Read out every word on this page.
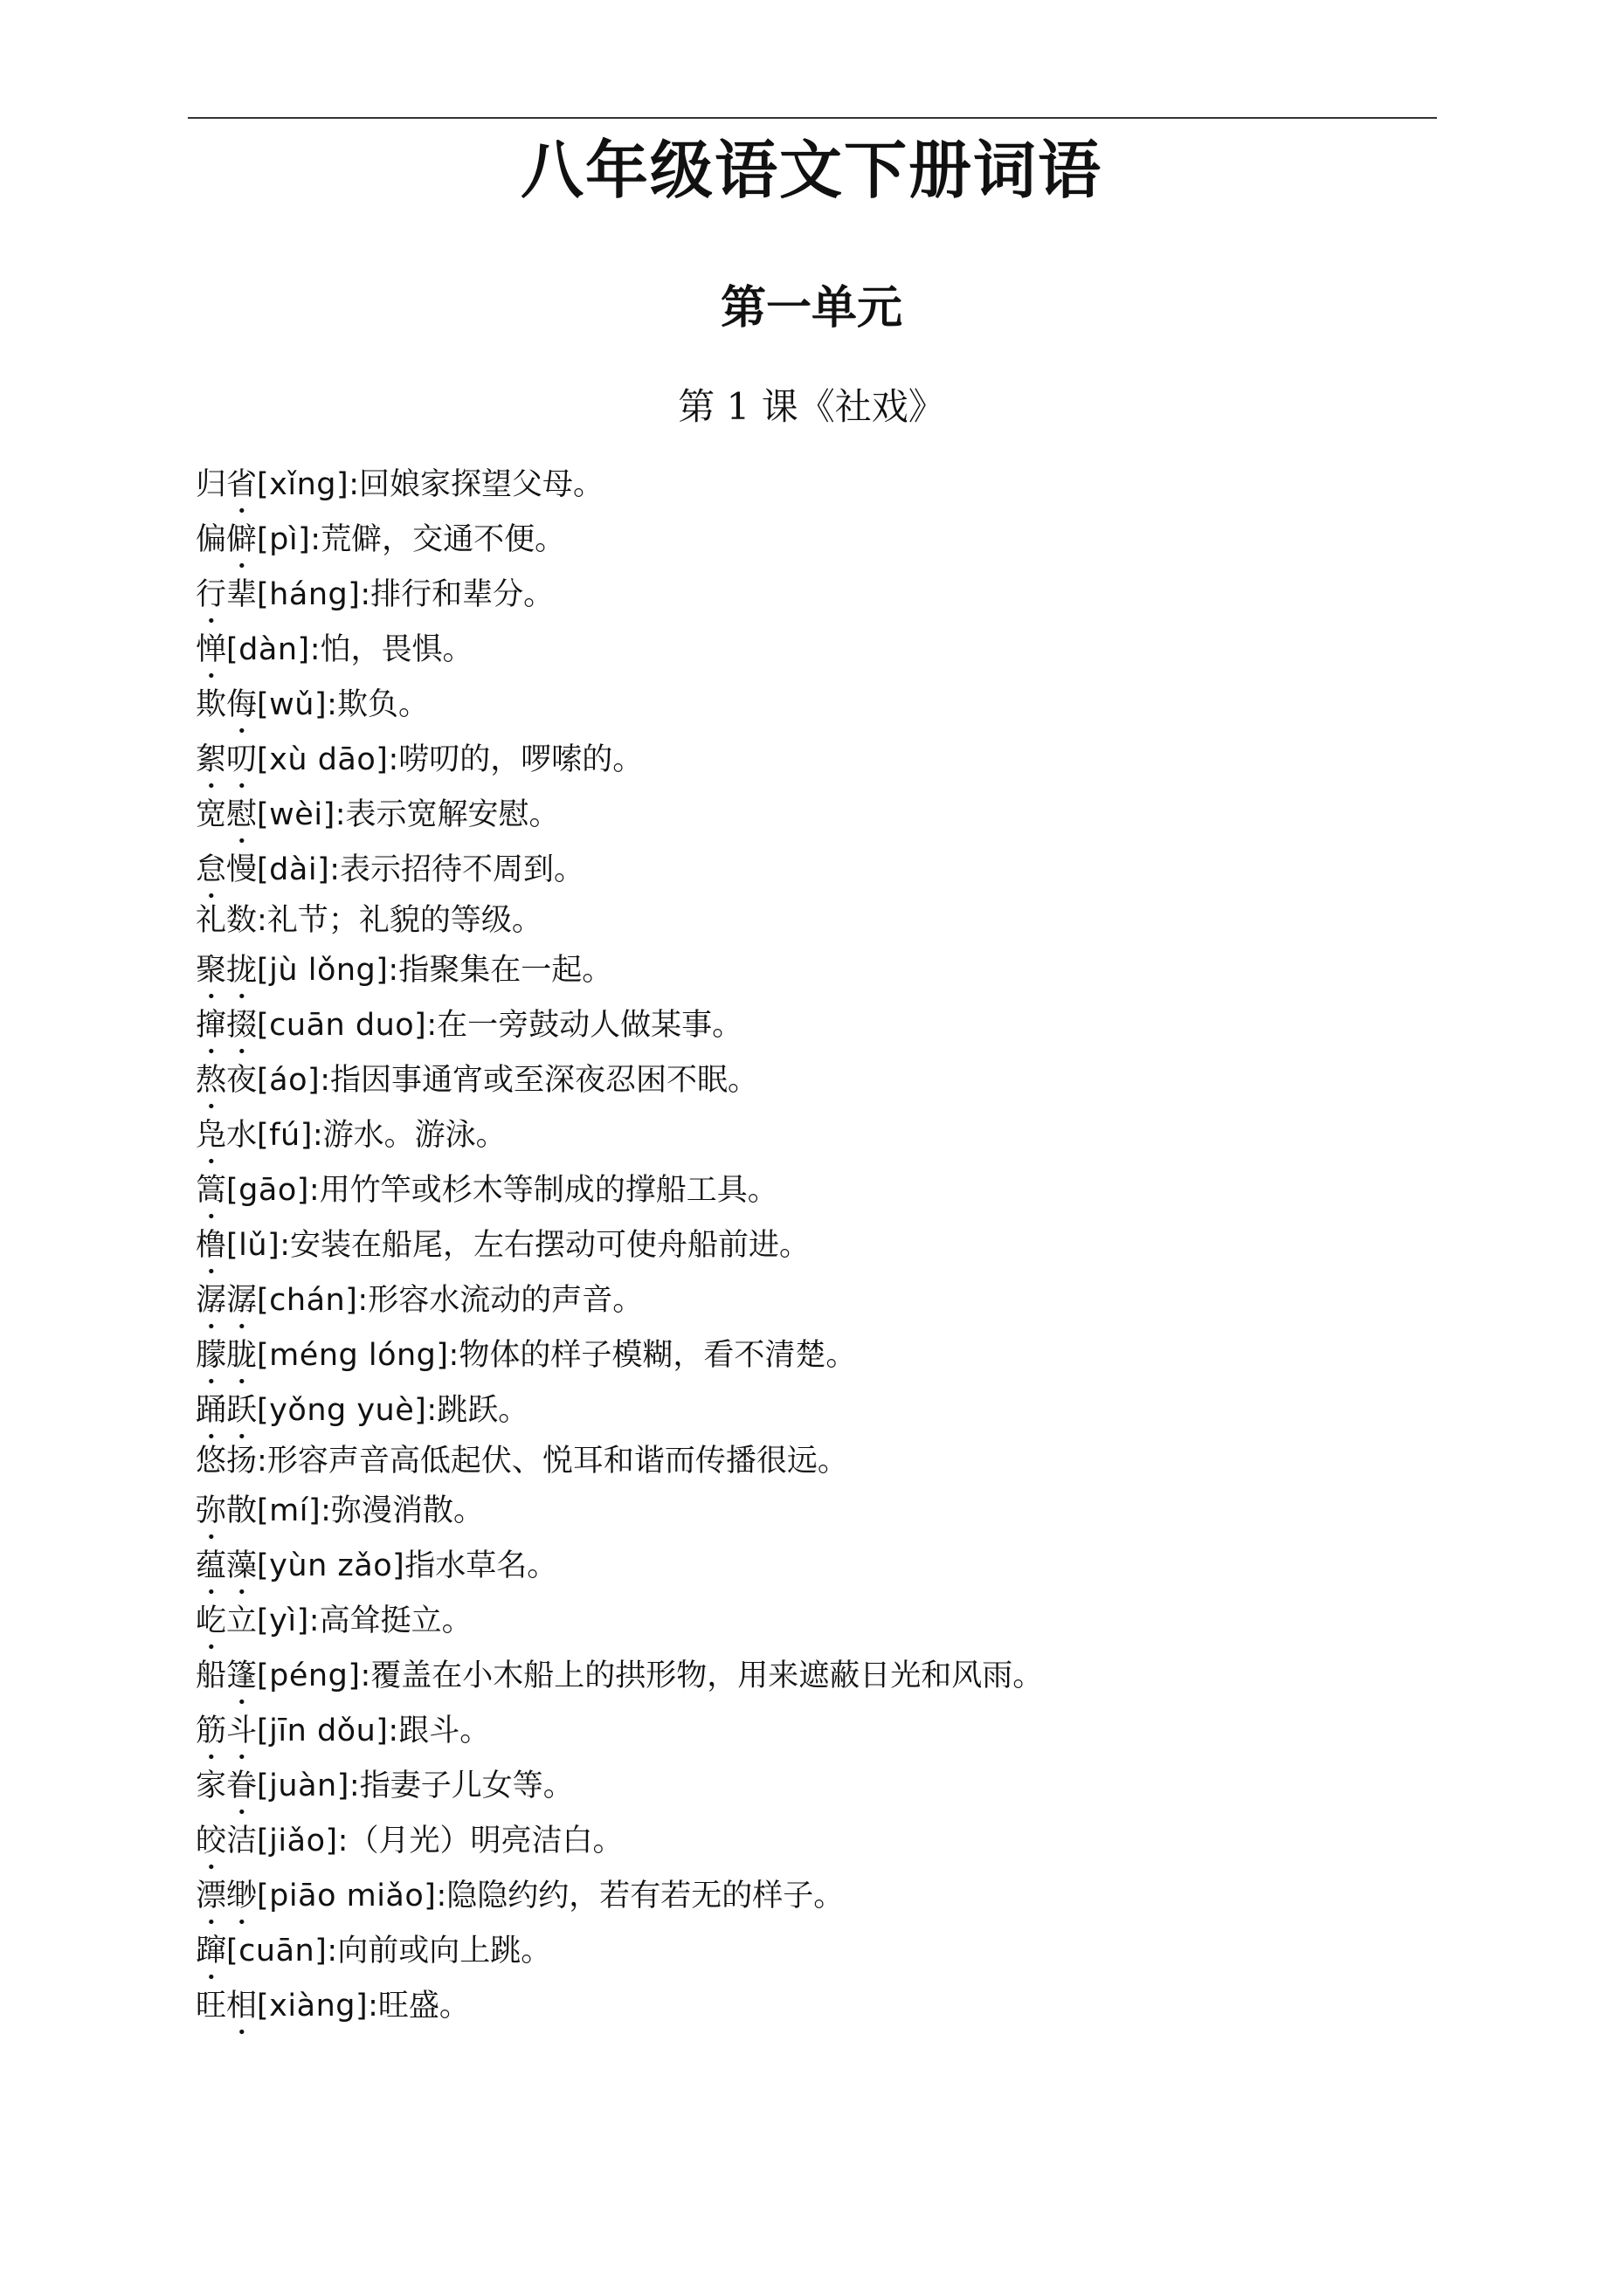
八年级语文下册词语
第一单元
第 1 课《社戏》
归省[xǐng]:回娘家探望父母。
偏僻[pì]:荒僻，交通不便。
行辈[háng]:排行和辈分。
惮[dàn]:怕，畏惧。
欺侮[wǔ]:欺负。
絮叨[xù dāo]:唠叨的，啰嗦的。
宽慰[wèi]:表示宽解安慰。
怠慢[dài]:表示招待不周到。
礼数:礼节；礼貌的等级。
聚拢[jù lǒng]:指聚集在一起。
撺掇[cuān duo]:在一旁鼓动人做某事。
熬夜[áo]:指因事通宵或至深夜忍困不眠。
凫水[fú]:游水。游泳。
篙[gāo]:用竹竿或杉木等制成的撑船工具。
橹[lǔ]:安装在船尾，左右摆动可使舟船前进。
潺潺[chán]:形容水流动的声音。
朦胧[méng lóng]:物体的样子模糊，看不清楚。
踊跃[yǒng yuè]:跳跃。
悠扬:形容声音高低起伏、悦耳和谐而传播很远。
弥散[mí]:弥漫消散。
蕴藻[yùn zǎo]指水草名。
屹立[yì]:高耸挺立。
船篷[péng]:覆盖在小木船上的拱形物，用来遮蔽日光和风雨。
筋斗[jīn dǒu]:跟斗。
家眷[juàn]:指妻子儿女等。
皎洁[jiǎo]:（月光）明亮洁白。
漂缈[piāo miǎo]:隐隐约约，若有若无的样子。
蹿[cuān]:向前或向上跳。
旺相[xiàng]:旺盛。
